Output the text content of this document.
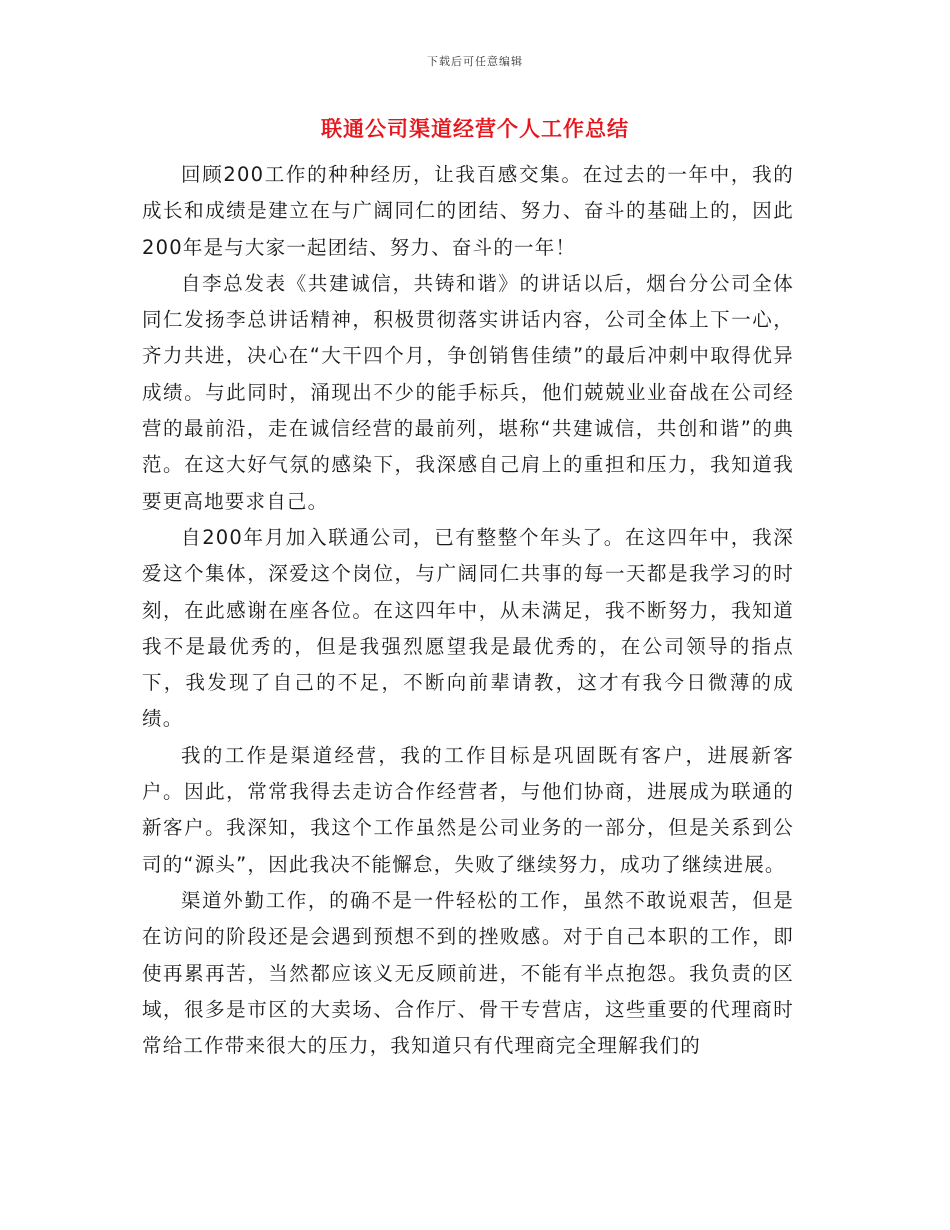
下载后可任意编辑
联通公司渠道经营个人工作总结

回顾200工作的种种经历，让我百感交集。在过去的一年中，我的成长和成绩是建立在与广阔同仁的团结、努力、奋斗的基础上的，因此200年是与大家一起团结、努力、奋斗的一年！

自李总发表《共建诚信，共铸和谐》的讲话以后，烟台分公司全体同仁发扬李总讲话精神，积极贯彻落实讲话内容，公司全体上下一心，齐力共进，决心在“大干四个月，争创销售佳绩”的最后冲刺中取得优异成绩。与此同时，涌现出不少的能手标兵，他们兢兢业业奋战在公司经营的最前沿，走在诚信经营的最前列，堪称“共建诚信，共创和谐”的典范。在这大好气氛的感染下，我深感自己肩上的重担和压力，我知道我要更高地要求自己。

自200年月加入联通公司，已有整整个年头了。在这四年中，我深爱这个集体，深爱这个岗位，与广阔同仁共事的每一天都是我学习的时刻，在此感谢在座各位。在这四年中，从未满足，我不断努力，我知道我不是最优秀的，但是我强烈愿望我是最优秀的，在公司领导的指点下，我发现了自己的不足，不断向前辈请教，这才有我今日微薄的成绩。

我的工作是渠道经营，我的工作目标是巩固既有客户，进展新客户。因此，常常我得去走访合作经营者，与他们协商，进展成为联通的新客户。我深知，我这个工作虽然是公司业务的一部分，但是关系到公司的“源头”，因此我决不能懈怠，失败了继续努力，成功了继续进展。

渠道外勤工作，的确不是一件轻松的工作，虽然不敢说艰苦，但是在访问的阶段还是会遇到预想不到的挫败感。对于自己本职的工作，即使再累再苦，当然都应该义无反顾前进，不能有半点抱怨。我负责的区域，很多是市区的大卖场、合作厅、骨干专营店，这些重要的代理商时常给工作带来很大的压力，我知道只有代理商完全理解我们的
